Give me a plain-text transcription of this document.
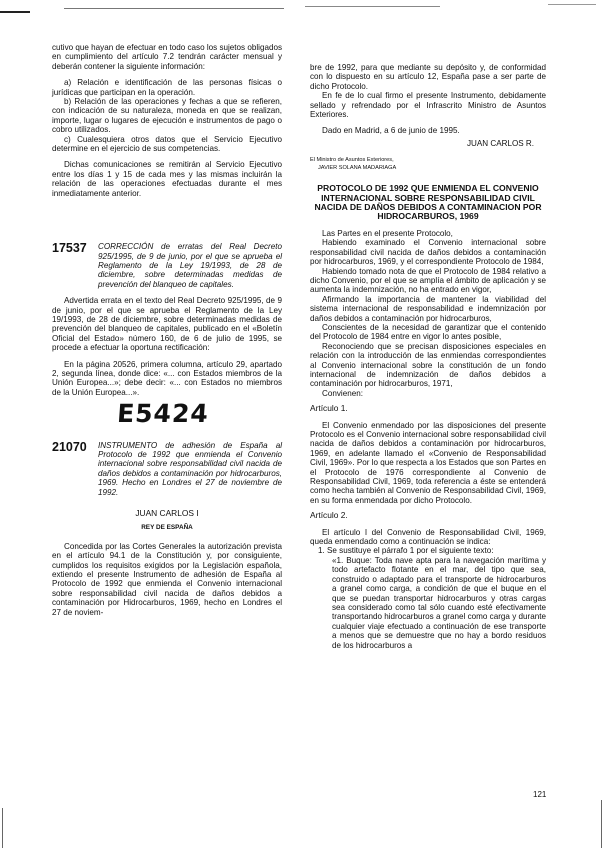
cutivo que hayan de efectuar en todo caso los sujetos obligados en cumplimiento del artículo 7.2 tendrán carácter mensual y deberán contener la siguiente información:

a) Relación e identificación de las personas físicas o jurídicas que participan en la operación.

b) Relación de las operaciones y fechas a que se refieren, con indicación de su naturaleza, moneda en que se realizan, importe, lugar o lugares de ejecución e instrumentos de pago o cobro utilizados.

c) Cualesquiera otros datos que el Servicio Ejecutivo determine en el ejercicio de sus competencias.

Dichas comunicaciones se remitirán al Servicio Ejecutivo entre los días 1 y 15 de cada mes y las mismas incluirán la relación de las operaciones efectuadas durante el mes inmediatamente anterior.

17537	CORRECCIÓN de erratas del Real Decreto 925/1995, de 9 de junio, por el que se aprueba el Reglamento de la Ley 19/1993, de 28 de diciembre, sobre determinadas medidas de prevención del blanqueo de capitales.

Advertida errata en el texto del Real Decreto 925/1995, de 9 de junio, por el que se aprueba el Reglamento de la Ley 19/1993, de 28 de diciembre, sobre determinadas medidas de prevención del blanqueo de capitales, publicado en el «Boletín Oficial del Estado» número 160, de 6 de julio de 1995, se procede a efectuar la oportuna rectificación:

En la página 20526, primera columna, artículo 29, apartado 2, segunda línea, donde dice: «... con Estados miembros de la Unión Europea...»; debe decir: «... con Estados no miembros de la Unión Europea...».

E5424
21070	INSTRUMENTO de adhesión de España al Protocolo de 1992 que enmienda el Convenio internacional sobre responsabilidad civil nacida de daños debidos a contaminación por hidrocarburos, 1969. Hecho en Londres el 27 de noviembre de 1992.

JUAN CARLOS I

REY DE ESPAÑA

Concedida por las Cortes Generales la autorización prevista en el artículo 94.1 de la Constitución y, por consiguiente, cumplidos los requisitos exigidos por la Legislación española, extiendo el presente Instrumento de adhesión de España al Protocolo de 1992 que enmienda el Convenio internacional sobre responsabilidad civil nacida de daños debidos a contaminación por Hidrocarburos, 1969, hecho en Londres el 27 de noviem-

bre de 1992, para que mediante su depósito y, de conformidad con lo dispuesto en su artículo 12, España pase a ser parte de dicho Protocolo.

En fe de lo cual firmo el presente Instrumento, debidamente sellado y refrendado por el Infrascrito Ministro de Asuntos Exteriores.

Dado en Madrid, a 6 de junio de 1995.

JUAN CARLOS R.

El Ministro de Asuntos Exteriores,

JAVIER SOLANA MADARIAGA

PROTOCOLO DE 1992 QUE ENMIENDA EL CONVENIO INTERNACIONAL SOBRE RESPONSABILIDAD CIVIL NACIDA DE DAÑOS DEBIDOS A CONTAMINACION POR HIDROCARBUROS, 1969

Las Partes en el presente Protocolo,

Habiendo examinado el Convenio internacional sobre responsabilidad civil nacida de daños debidos a contaminación por hidrocarburos, 1969, y el correspondiente Protocolo de 1984,

Habiendo tomado nota de que el Protocolo de 1984 relativo a dicho Convenio, por el que se amplía el ámbito de aplicación y se aumenta la indemnización, no ha entrado en vigor,

Afirmando la importancia de mantener la viabilidad del sistema internacional de responsabilidad e indemnización por daños debidos a contaminación por hidrocarburos,

Conscientes de la necesidad de garantizar que el contenido del Protocolo de 1984 entre en vigor lo antes posible,

Reconociendo que se precisan disposiciones especiales en relación con la introducción de las enmiendas correspondientes al Convenio internacional sobre la constitución de un fondo internacional de indemnización de daños debidos a contaminación por hidrocarburos, 1971,

Convienen:

Artículo 1.

El Convenio enmendado por las disposiciones del presente Protocolo es el Convenio internacional sobre responsabilidad civil nacida de daños debidos a contaminación por hidrocarburos, 1969, en adelante llamado el «Convenio de Responsabilidad Civil, 1969». Por lo que respecta a los Estados que son Partes en el Protocolo de 1976 correspondiente al Convenio de Responsabilidad Civil, 1969, toda referencia a éste se entenderá como hecha también al Convenio de Responsabilidad Civil, 1969, en su forma enmendada por dicho Protocolo.

Artículo 2.

El artículo I del Convenio de Responsabilidad Civil, 1969, queda enmendado como a continuación se indica:

1. Se sustituye el párrafo 1 por el siguiente texto:

«1. Buque: Toda nave apta para la navegación marítima y todo artefacto flotante en el mar, del tipo que sea, construido o adaptado para el transporte de hidrocarburos a granel como carga, a condición de que el buque en el que se puedan transportar hidrocarburos y otras cargas sea considerado como tal sólo cuando esté efectivamente transportando hidrocarburos a granel como carga y durante cualquier viaje efectuado a continuación de ese transporte a menos que se demuestre que no hay a bordo residuos de los hidrocarburos a

121
